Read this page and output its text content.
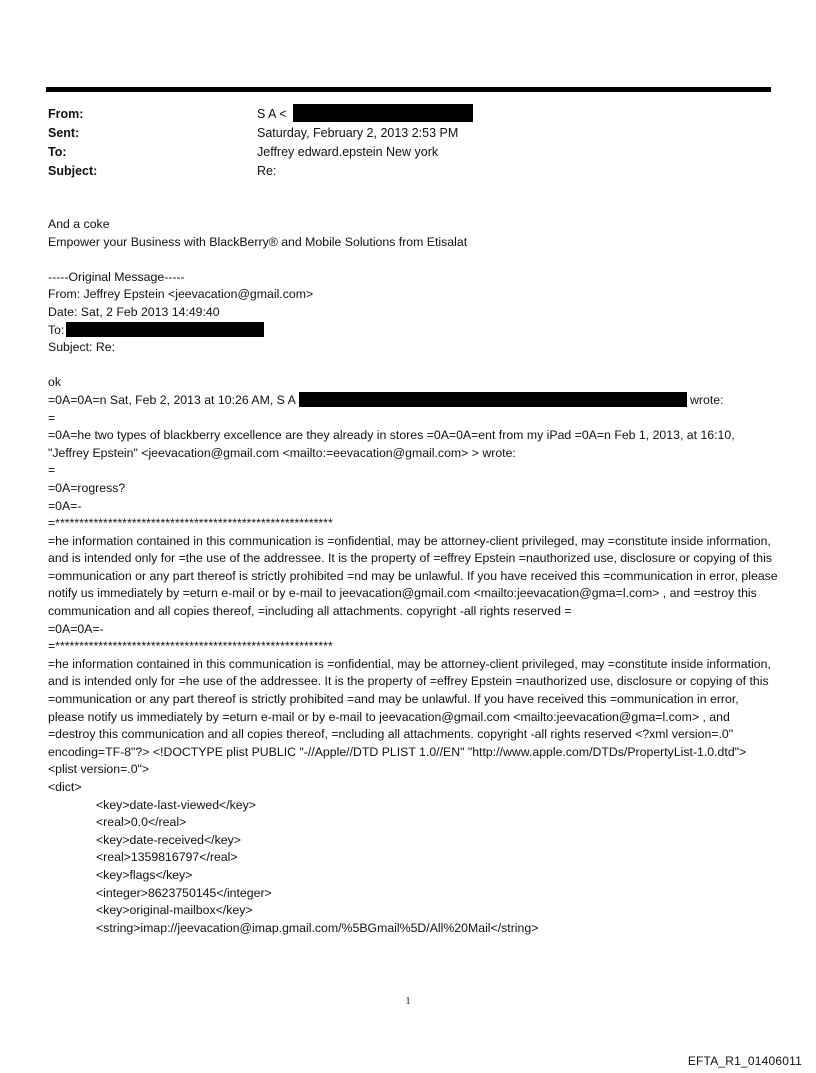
From:	S A <
Sent:	Saturday, February 2, 2013 2:53 PM
To:	Jeffrey edward.epstein New york
Subject:	Re:
And a coke
Empower your Business with BlackBerry® and Mobile Solutions from Etisalat
-----Original Message-----
From: Jeffrey Epstein <jeevacation@gmail.com>
Date: Sat, 2 Feb 2013 14:49:40
To:
Subject: Re:
ok
=0A=0A=n Sat, Feb 2, 2013 at 10:26 AM, S A	wrote:
=
=0A=he two types of blackberry excellence are they already in stores =0A=0A=ent from my iPad =0A=n Feb 1, 2013, at 16:10, "Jeffrey Epstein" <jeevacation@gmail.com <mailto:=eevacation@gmail.com> > wrote:
=
=0A=rogress?
=0A=-
=**********************************************************
=he information contained in this communication is =onfidential, may be attorney-client privileged, may =constitute inside information, and is intended only for =the use of the addressee. It is the property of =effrey Epstein =nauthorized use, disclosure or copying of this =ommunication or any part thereof is strictly prohibited =nd may be unlawful. If you have received this =communication in error, please notify us immediately by =eturn e-mail or by e-mail to jeevacation@gmail.com <mailto:jeevacation@gma=l.com> , and =estroy this communication and all copies thereof, =including all attachments. copyright -all rights reserved =
=0A=0A=-
=**********************************************************
=he information contained in this communication is =onfidential, may be attorney-client privileged, may =constitute inside information, and is intended only for =he use of the addressee. It is the property of =effrey Epstein =nauthorized use, disclosure or copying of this =ommunication or any part thereof is strictly prohibited =and may be unlawful. If you have received this =ommunication in error, please notify us immediately by =eturn e-mail or by e-mail to jeevacation@gmail.com <mailto:jeevacation@gma=l.com> , and =destroy this communication and all copies thereof, =ncluding all attachments. copyright -all rights reserved <?xml version=.0" encoding=TF-8"?> <!DOCTYPE plist PUBLIC "-//Apple//DTD PLIST 1.0//EN" "http://www.apple.com/DTDs/PropertyList-1.0.dtd">
<plist version=.0">
<dict>
<key>date-last-viewed</key>
<real>0.0</real>
<key>date-received</key>
<real>1359816797</real>
<key>flags</key>
<integer>8623750145</integer>
<key>original-mailbox</key>
<string>imap://jeevacation@imap.gmail.com/%5BGmail%5D/All%20Mail</string>
1
EFTA_R1_01406011
